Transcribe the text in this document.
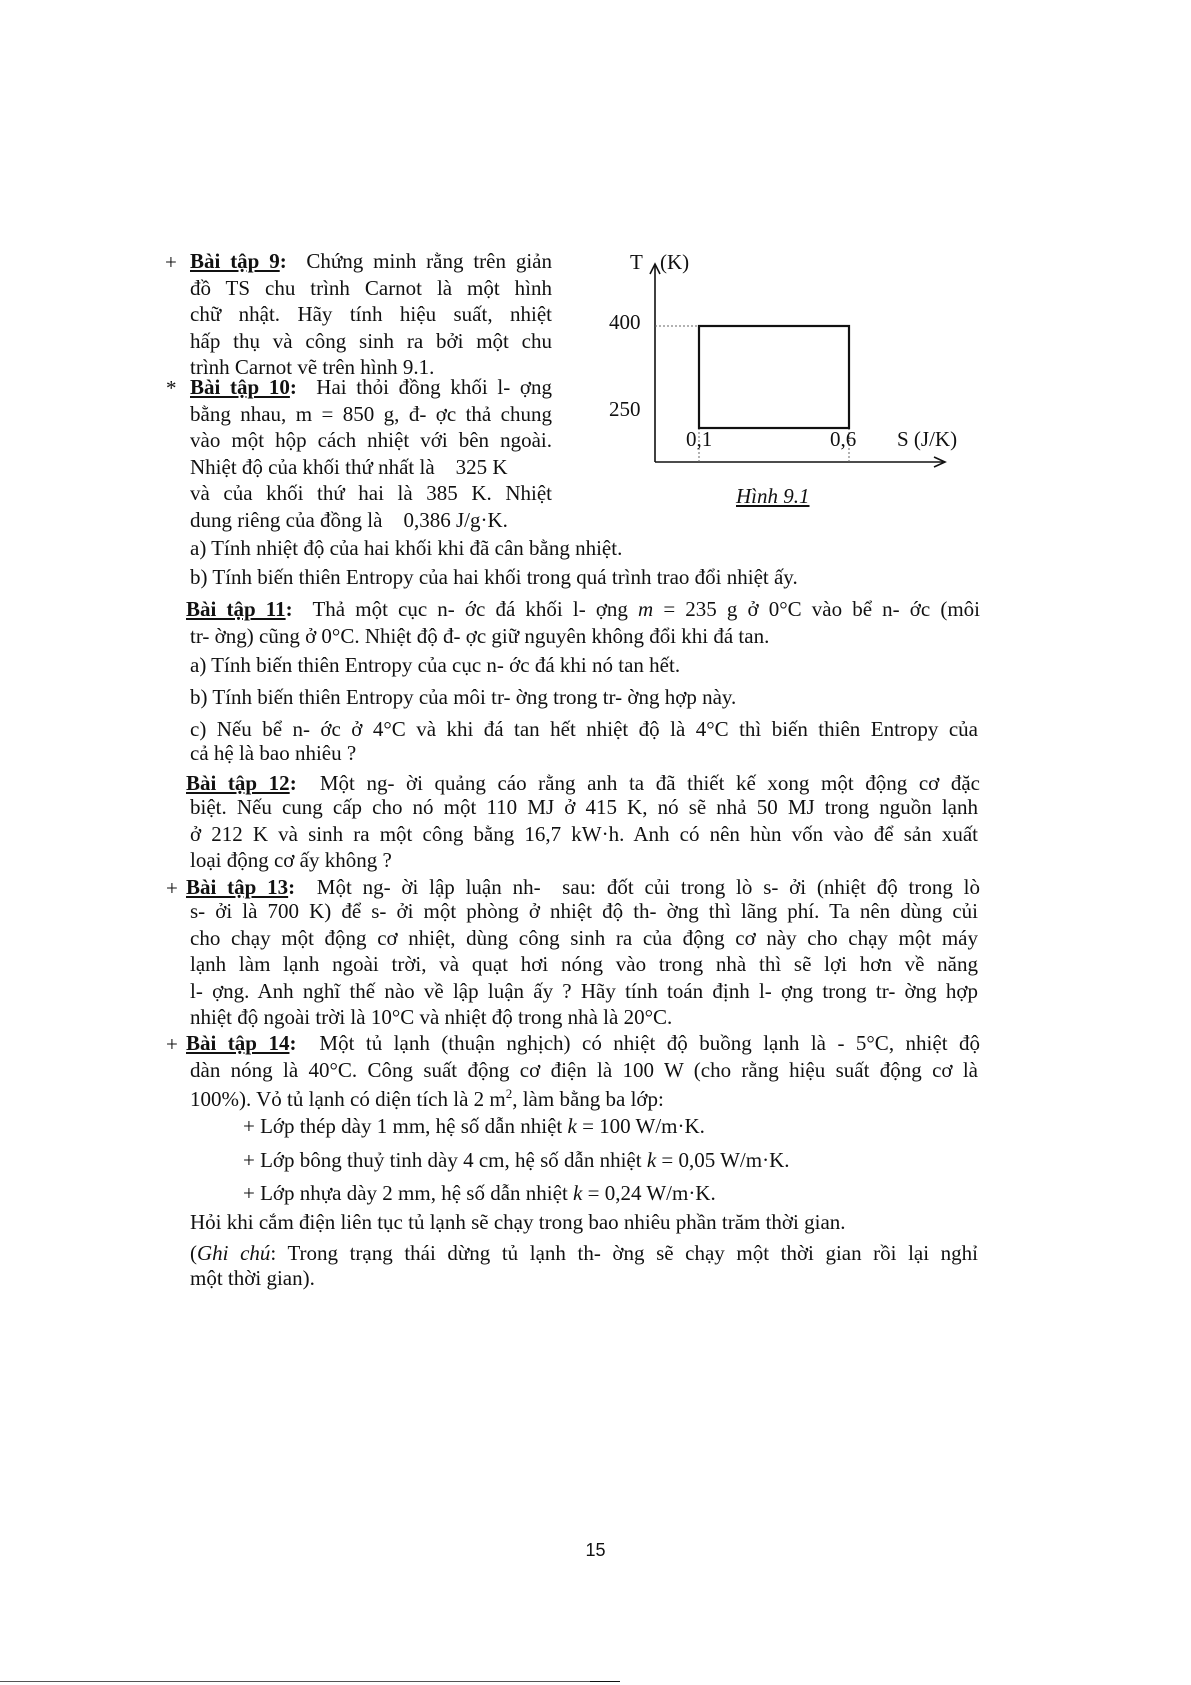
+ Bài tập 9: Chứng minh rằng trên giản
đồ TS chu trình Carnot là một hình
chữ nhật. Hãy tính hiệu suất, nhiệt
hấp thụ và công sinh ra bởi một chu
trình Carnot vẽ trên hình 9.1.
* Bài tập 10: Hai thỏi đồng khối l- ợng
bằng nhau, m = 850 g, đ- ợc thả chung
vào một hộp cách nhiệt với bên ngoài.
Nhiệt độ của khối thứ nhất là    325 K
và của khối thứ hai là 385 K. Nhiệt
dung riêng của đồng là    0,386 J/g·K.
a) Tính nhiệt độ của hai khối khi đã cân bằng nhiệt.
b) Tính biến thiên Entropy của hai khối trong quá trình trao đổi nhiệt ấy.
T (K)
400
250
0,1	0,6 S (J/K)
Hình 9.1
Bài tập 11: Thả một cục n- ớc đá khối l- ợng m = 235 g ở 0°C vào bể n- ớc (môi
tr- ờng) cũng ở 0°C. Nhiệt độ đ- ợc giữ nguyên không đổi khi đá tan.
a) Tính biến thiên Entropy của cục n- ớc đá khi nó tan hết.
b) Tính biến thiên Entropy của môi tr- ờng trong tr- ờng hợp này.
c) Nếu bể n- ớc ở 4°C và khi đá tan hết nhiệt độ là 4°C thì biến thiên Entropy của
cả hệ là bao nhiêu ?
Bài tập 12: Một ng- ời quảng cáo rằng anh ta đã thiết kế xong một động cơ đặc
biệt. Nếu cung cấp cho nó một 110 MJ ở 415 K, nó sẽ nhả 50 MJ trong nguồn lạnh
ở 212 K và sinh ra một công bằng 16,7 kW·h. Anh có nên hùn vốn vào để sản xuất
loại động cơ ấy không ?
+ Bài tập 13: Một ng- ời lập luận nh-  sau: đốt củi trong lò s- ởi (nhiệt độ trong lò
s- ởi là 700 K) để s- ởi một phòng ở nhiệt độ th- ờng thì lãng phí. Ta nên dùng củi
cho chạy một động cơ nhiệt, dùng công sinh ra của động cơ này cho chạy một máy
lạnh làm lạnh ngoài trời, và quạt hơi nóng vào trong nhà thì sẽ lợi hơn về năng
l- ợng. Anh nghĩ thế nào về lập luận ấy ? Hãy tính toán định l- ợng trong tr- ờng hợp
nhiệt độ ngoài trời là 10°C và nhiệt độ trong nhà là 20°C.
+ Bài tập 14: Một tủ lạnh (thuận nghịch) có nhiệt độ buồng lạnh là - 5°C, nhiệt độ
dàn nóng là 40°C. Công suất động cơ điện là 100 W (cho rằng hiệu suất động cơ là
100%). Vỏ tủ lạnh có diện tích là 2 $m^2$, làm bằng ba lớp:
+ Lớp thép dày 1 mm, hệ số dẫn nhiệt k = 100 W/m·K.
+ Lớp bông thuỷ tinh dày 4 cm, hệ số dẫn nhiệt k = 0,05 W/m·K.
+ Lớp nhựa dày 2 mm, hệ số dẫn nhiệt k = 0,24 W/m·K.
Hỏi khi cắm điện liên tục tủ lạnh sẽ chạy trong bao nhiêu phần trăm thời gian.
(Ghi chú: Trong trạng thái dừng tủ lạnh th- ờng sẽ chạy một thời gian rồi lại nghỉ
một thời gian).
15
